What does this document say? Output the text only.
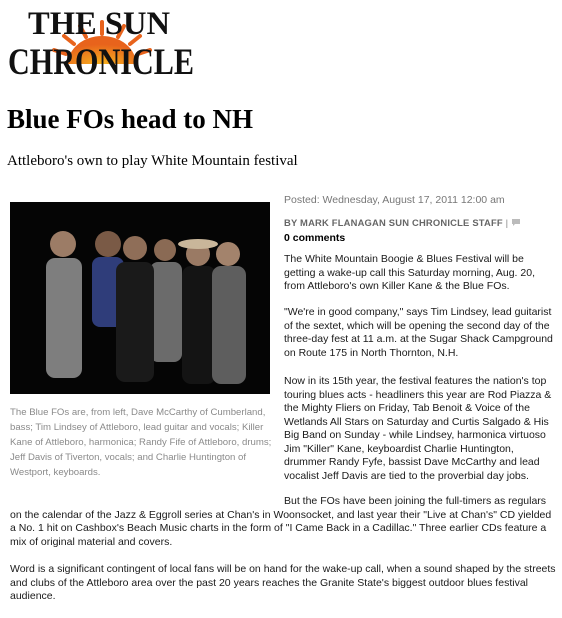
THE SUN
CHRONICLE
Blue FOs head to NH

Attleboro's own to play White Mountain festival

The Blue FOs are, from left, Dave McCarthy of Cumberland, bass; Tim Lindsey of Attleboro, lead guitar and vocals; Killer Kane of Attleboro, harmonica; Randy Fife of Attleboro, drums; Jeff Davis of Tiverton, vocals; and Charlie Huntington of Westport, keyboards.
Posted: Wednesday, August 17, 2011 12:00 am
BY MARK FLANAGAN SUN CHRONICLE STAFF |
0 comments

The White Mountain Boogie & Blues Festival will be getting a wake-up call this Saturday morning, Aug. 20, from Attleboro's own Killer Kane & the Blue FOs.

"We're in good company," says Tim Lindsey, lead guitarist of the sextet, which will be opening the second day of the three-day fest at 11 a.m. at the Sugar Shack Campground on Route 175 in North Thornton, N.H.

Now in its 15th year, the festival features the nation's top touring blues acts - headliners this year are Rod Piazza & the Mighty Fliers on Friday, Tab Benoit & Voice of the Wetlands All Stars on Saturday and Curtis Salgado & His Big Band on Sunday - while Lindsey, harmonica virtuoso Jim "Killer" Kane, keyboardist Charlie Huntington, drummer Randy Fyfe, bassist Dave McCarthy and lead vocalist Jeff Davis are tied to the proverbial day jobs.

But the FOs have been joining the full-timers as regulars on the calendar of the Jazz & Eggroll series at Chan's in Woonsocket, and last year their "Live at Chan's" CD yielded a No. 1 hit on Cashbox's Beach Music charts in the form of "I Came Back in a Cadillac." Three earlier CDs feature a mix of original material and covers.

Word is a significant contingent of local fans will be on hand for the wake-up call, when a sound shaped by the streets and clubs of the Attleboro area over the past 20 years reaches the Granite State's biggest outdoor blues festival audience.
